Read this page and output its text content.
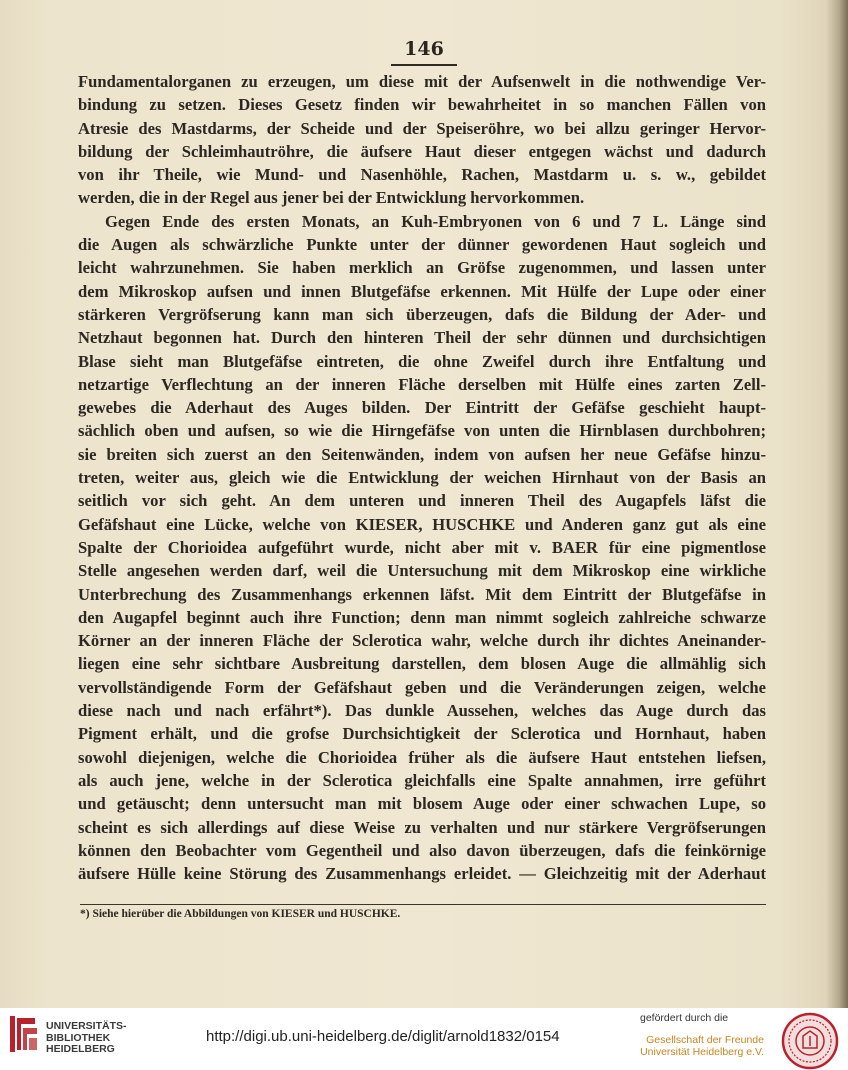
146
Fundamentalorganen zu erzeugen, um diese mit der Aufsenwelt in die nothwendige Ver-
bindung zu setzen. Dieses Gesetz finden wir bewahrheitet in so manchen Fällen von
Atresie des Mastdarms, der Scheide und der Speiseröhre, wo bei allzu geringer Hervor-
bildung der Schleimhautröhre, die äufsere Haut dieser entgegen wächst und dadurch
von ihr Theile, wie Mund- und Nasenhöhle, Rachen, Mastdarm u. s. w., gebildet
werden, die in der Regel aus jener bei der Entwicklung hervorkommen.
Gegen Ende des ersten Monats, an Kuh-Embryonen von 6 und 7 L. Länge sind
die Augen als schwärzliche Punkte unter der dünner gewordenen Haut sogleich und
leicht wahrzunehmen. Sie haben merklich an Gröfse zugenommen, und lassen unter
dem Mikroskop aufsen und innen Blutgefäfse erkennen. Mit Hülfe der Lupe oder einer
stärkeren Vergröfserung kann man sich überzeugen, dafs die Bildung der Ader- und
Netzhaut begonnen hat. Durch den hinteren Theil der sehr dünnen und durchsichtigen
Blase sieht man Blutgefäfse eintreten, die ohne Zweifel durch ihre Entfaltung und
netzartige Verflechtung an der inneren Fläche derselben mit Hülfe eines zarten Zell-
gewebes die Aderhaut des Auges bilden. Der Eintritt der Gefäfse geschieht haupt-
sächlich oben und aufsen, so wie die Hirngefäfse von unten die Hirnblasen durchbohren;
sie breiten sich zuerst an den Seitenwänden, indem von aufsen her neue Gefäfse hinzu-
treten, weiter aus, gleich wie die Entwicklung der weichen Hirnhaut von der Basis an
seitlich vor sich geht. An dem unteren und inneren Theil des Augapfels läfst die
Gefäfshaut eine Lücke, welche von KIESER, HUSCHKE und Anderen ganz gut als eine
Spalte der Chorioidea aufgeführt wurde, nicht aber mit v. BAER für eine pigmentlose
Stelle angesehen werden darf, weil die Untersuchung mit dem Mikroskop eine wirkliche
Unterbrechung des Zusammenhangs erkennen läfst. Mit dem Eintritt der Blutgefäfse in
den Augapfel beginnt auch ihre Function; denn man nimmt sogleich zahlreiche schwarze
Körner an der inneren Fläche der Sclerotica wahr, welche durch ihr dichtes Aneinander-
liegen eine sehr sichtbare Ausbreitung darstellen, dem blosen Auge die allmählig sich
vervollständigende Form der Gefäfshaut geben und die Veränderungen zeigen, welche
diese nach und nach erfährt*). Das dunkle Aussehen, welches das Auge durch das
Pigment erhält, und die grofse Durchsichtigkeit der Sclerotica und Hornhaut, haben
sowohl diejenigen, welche die Chorioidea früher als die äufsere Haut entstehen liefsen,
als auch jene, welche in der Sclerotica gleichfalls eine Spalte annahmen, irre geführt
und getäuscht; denn untersucht man mit blosem Auge oder einer schwachen Lupe, so
scheint es sich allerdings auf diese Weise zu verhalten und nur stärkere Vergröfserungen
können den Beobachter vom Gegentheil und also davon überzeugen, dafs die feinkörnige
äufsere Hülle keine Störung des Zusammenhangs erleidet. — Gleichzeitig mit der Aderhaut
*) Siehe hierüber die Abbildungen von KIESER und HUSCHKE.
UNIVERSITÄTS-
BIBLIOTHEK
HEIDELBERG
http://digi.ub.uni-heidelberg.de/diglit/arnold1832/0154
gefördert durch die
Gesellschaft der Freunde
Universität Heidelberg e.V.
